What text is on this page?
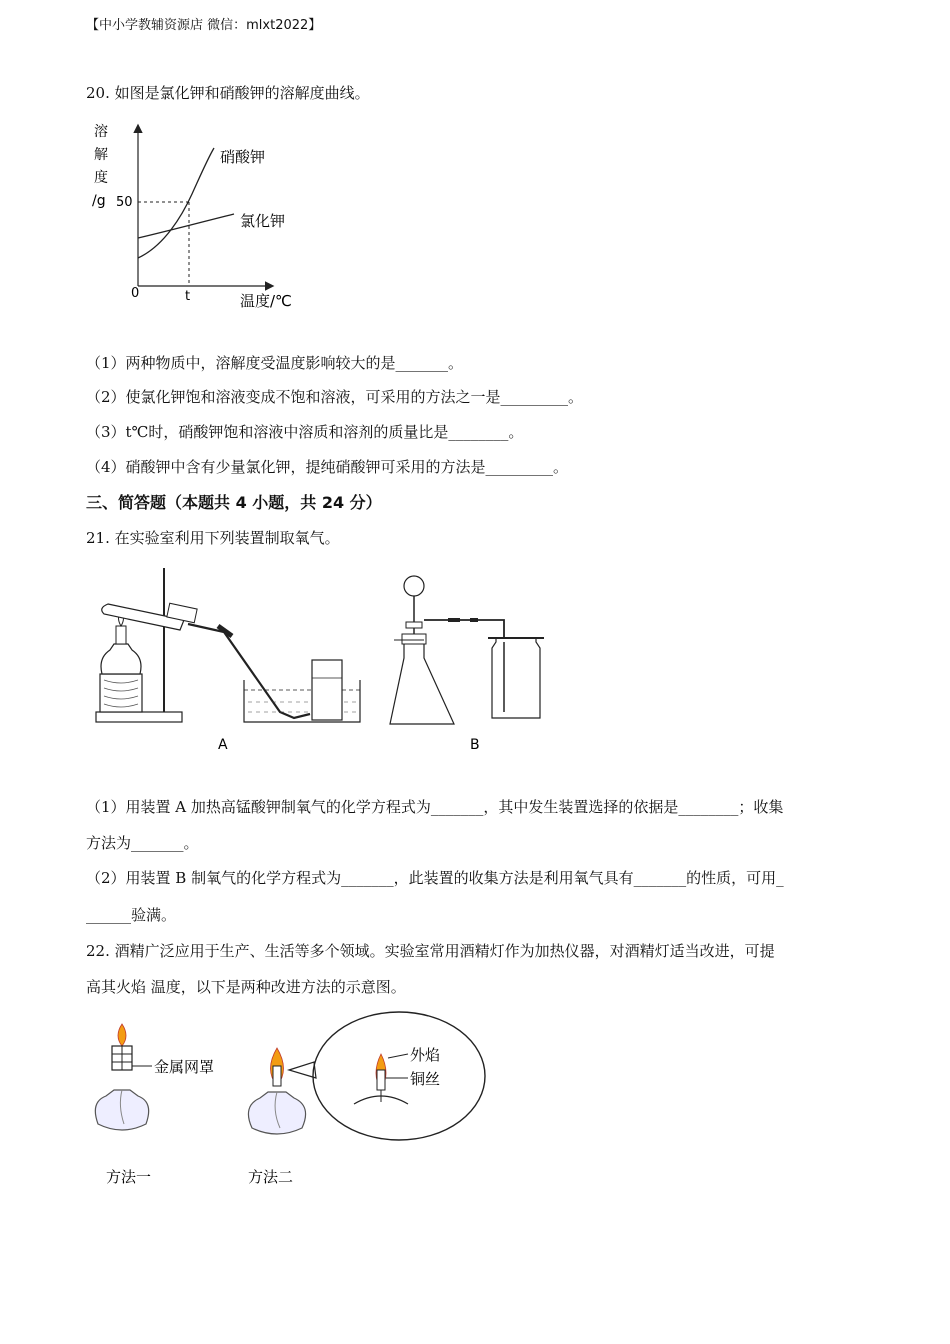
【中小学教辅资源店 微信：mlxt2022】
20. 如图是氯化钾和硝酸钾的溶解度曲线。
溶
解
度
/g 50
0	t
硝酸钾
氯化钾
温度/℃
（1）两种物质中，溶解度受温度影响较大的是_______。
（2）使氯化钾饱和溶液变成不饱和溶液，可采用的方法之一是_________。
（3）t℃时，硝酸钾饱和溶液中溶质和溶剂的质量比是________。
（4）硝酸钾中含有少量氯化钾，提纯硝酸钾可采用的方法是_________。
三、简答题（本题共 4 小题，共 24 分）
21. 在实验室利用下列装置制取氧气。
A	B
（1）用装置 A 加热高锰酸钾制氧气的化学方程式为_______，其中发生装置选择的依据是________；收集
方法为_______。
（2）用装置 B 制氧气的化学方程式为_______，此装置的收集方法是利用氧气具有_______的性质，可用_
______验满。
22. 酒精广泛应用于生产、生活等多个领域。实验室常用酒精灯作为加热仪器，对酒精灯适当改进，可提
高其火焰 温度，以下是两种改进方法的示意图。
金属网罩
方法一	方法二
外焰
铜丝
